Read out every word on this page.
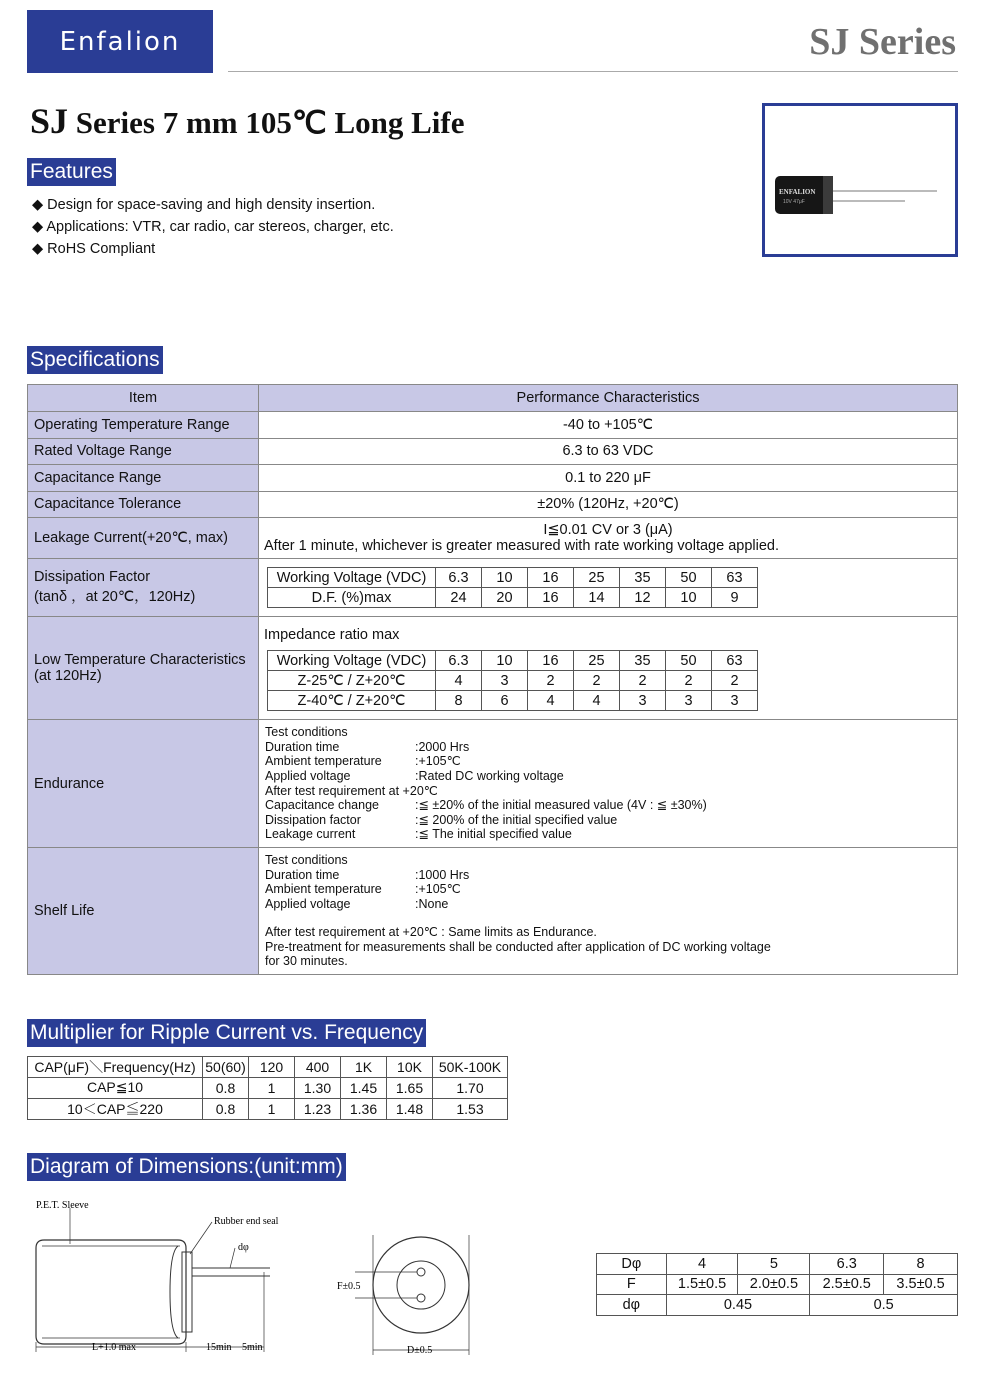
Enfalion	SJ Series
SJ Series 7 mm 105℃ Long Life
Features
◆ Design for space-saving and high density insertion.
◆ Applications: VTR, car radio, car stereos, charger, etc.
◆ RoHS Compliant
ENFALION
10V 47μF
Specifications
Item	Performance Characteristics
Operating Temperature Range	-40 to +105℃
Rated Voltage Range	6.3 to 63 VDC
Capacitance Range	0.1 to 220 μF
Capacitance Tolerance	±20% (120Hz, +20℃)
Leakage Current(+20℃, max)	I≦0.01 CV or 3 (μA)
After 1 minute, whichever is greater measured with rate working voltage applied.

Dissipation Factor
(tanδ ，at 20℃，120Hz)

Working Voltage (VDC)	6.3	10	16	25	35	50	63
D.F. (%)max	24	20	16	14	12	10	9

Low Temperature Characteristics
(at 120Hz)

Impedance ratio max
Working Voltage (VDC)	6.3	10	16	25	35	50	63
Z-25℃ / Z+20℃	4	3	2	2	2	2	2
Z-40℃ / Z+20℃	8	6	4	4	3	3	3

Endurance	
Test conditions
Duration time	:2000 Hrs
Ambient temperature	:+105℃
Applied voltage	:Rated DC working voltage
After test requirement at +20℃
Capacitance change	:≦ ±20% of the initial measured value (4V : ≦ ±30%)
Dissipation factor	:≦ 200% of the initial specified value
Leakage current	:≦ The initial specified value

Shelf Life	
Test conditions
Duration time	:1000 Hrs
Ambient temperature	:+105℃
Applied voltage	:None
After test requirement at +20℃ : Same limits as Endurance.
Pre-treatment for measurements shall be conducted after application of DC working voltage
for 30 minutes.
Multiplier for Ripple Current vs. Frequency
CAP(μF)＼Frequency(Hz)	50(60)	120	400	1K	10K	50K-100K
CAP≦10	0.8	1	1.30	1.45	1.65	1.70
10＜CAP≦220	0.8	1	1.23	1.36	1.48	1.53
Diagram of Dimensions:(unit:mm)
P.E.T. Sleeve
Rubber end seal
dφ
L+1.0 max	15min 5min
F±0.5
D±0.5
Dφ	4	5	6.3	8
F	1.5±0.5	2.0±0.5	2.5±0.5	3.5±0.5
dφ	0.45		0.5	
